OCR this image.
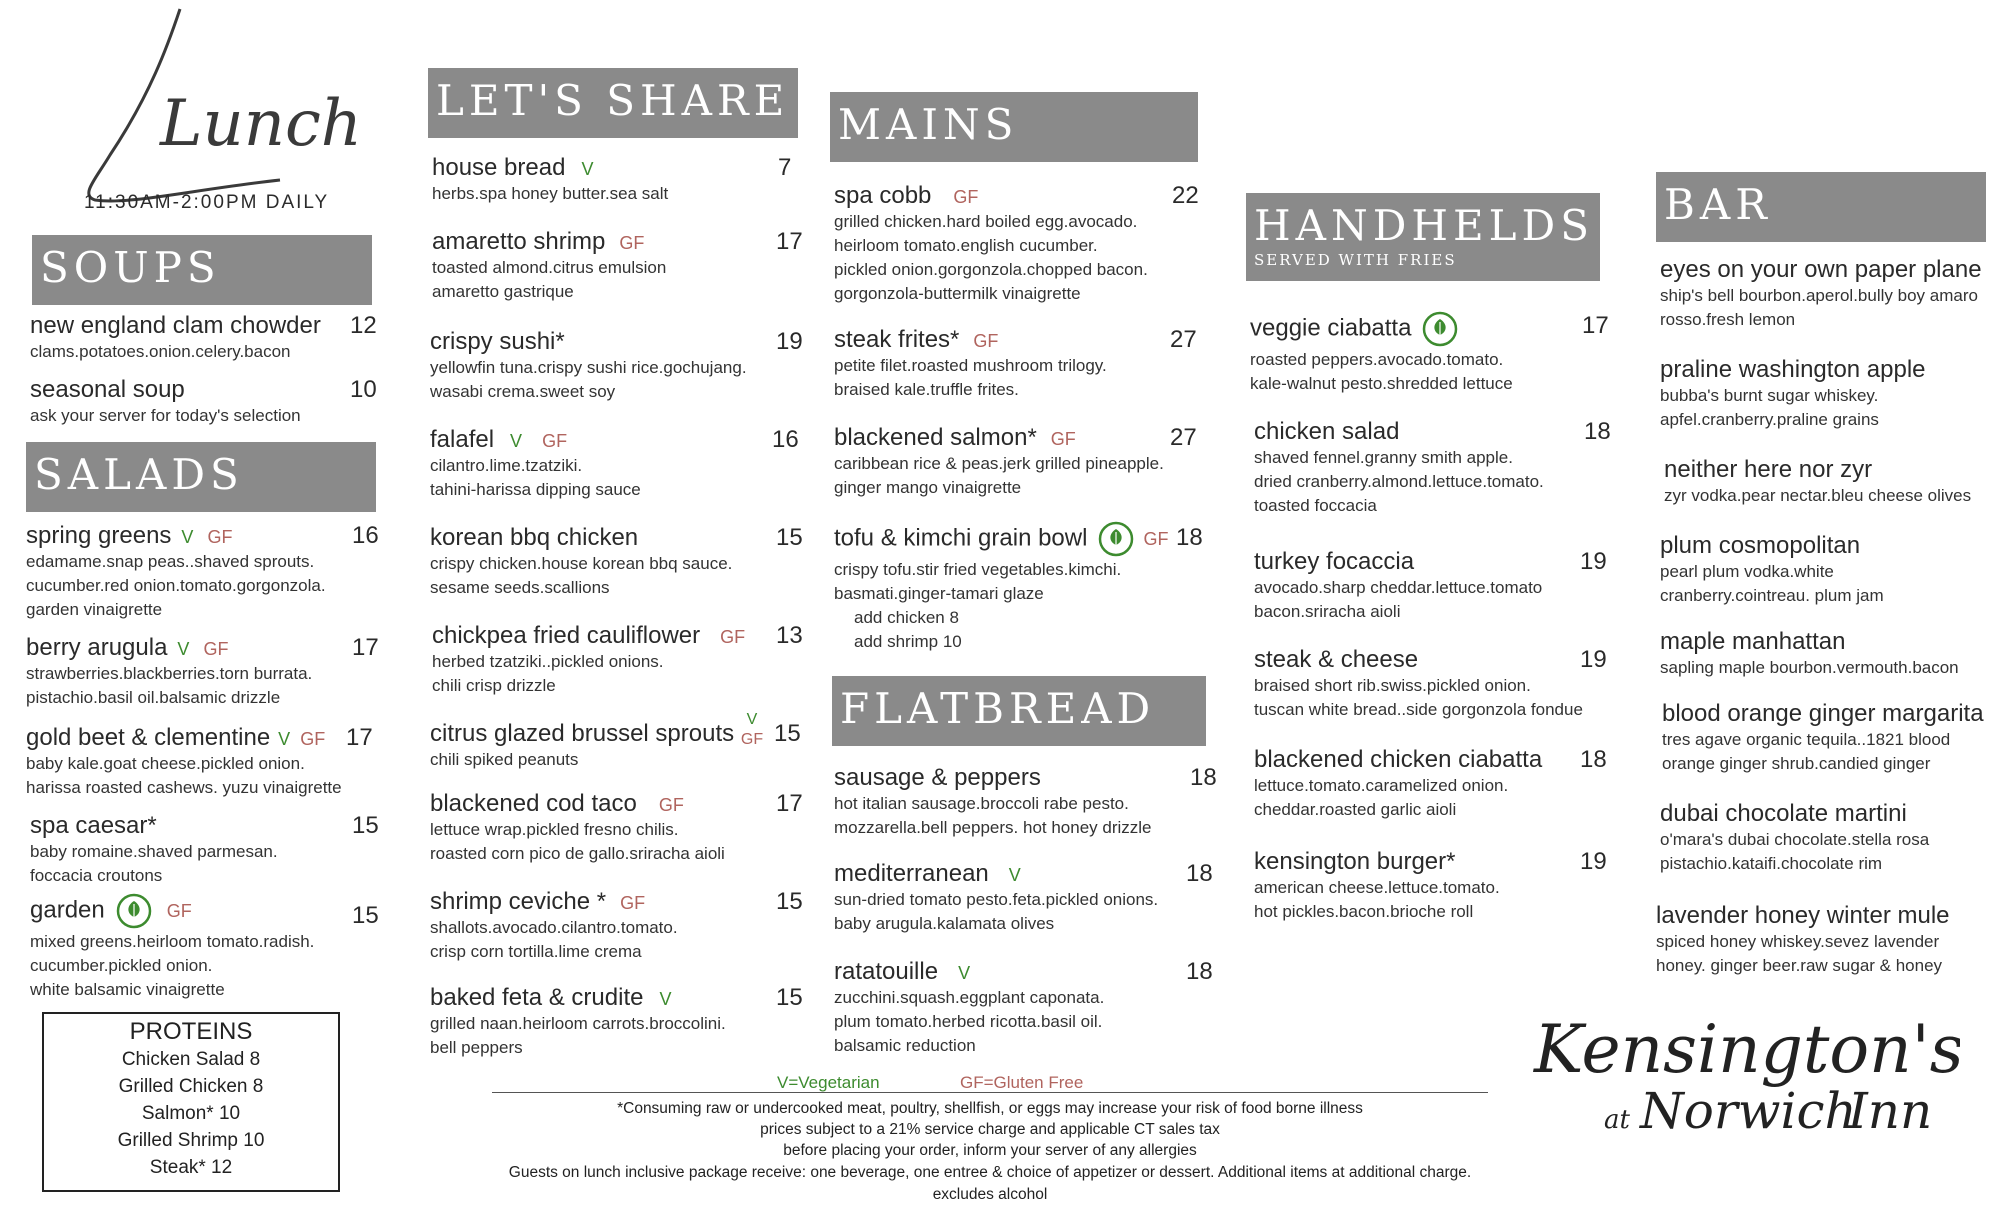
Lunch
11:30AM-2:00PM DAILY
SOUPS
SALADS
LET'S SHARE MAINS
FLATBREAD
HANDHELDS
SERVED WITH FRIES
BAR
new england clam chowder
clams.potatoes.onion.celery.bacon
12
seasonal soup
ask your server for today's selection
10
spring greens V GF
edamame.snap peas..shaved sprouts.
cucumber.red onion.tomato.gorgonzola.
garden vinaigrette
16
berry arugula V GF
strawberries.blackberries.torn burrata.
pistachio.basil oil.balsamic drizzle
17
gold beet & clementine V GF
baby kale.goat cheese.pickled onion.
harissa roasted cashews. yuzu vinaigrette
17
spa caesar*
baby romaine.shaved parmesan.
foccacia croutons
15
garden	GF
mixed greens.heirloom tomato.radish.
cucumber.pickled onion.
white balsamic vinaigrette
15
PROTEINS
Chicken Salad 8
Grilled Chicken 8
Salmon* 10
Grilled Shrimp 10
Steak* 12
house bread V
herbs.spa honey butter.sea salt
7
amaretto shrimp GF
toasted almond.citrus emulsion
amaretto gastrique
17
crispy sushi*
yellowfin tuna.crispy sushi rice.gochujang.
wasabi crema.sweet soy
19
falafel V GF
cilantro.lime.tzatziki.
tahini-harissa dipping sauce
16
korean bbq chicken
crispy chicken.house korean bbq sauce.
sesame seeds.scallions
15
chickpea fried cauliflower GF
herbed tzatziki..pickled onions.
chili crisp drizzle
13
citrus glazed brussel sprouts
chili spiked peanuts
V
GF 15
blackened cod taco GF
lettuce wrap.pickled fresno chilis.
roasted corn pico de gallo.sriracha aioli
17
shrimp ceviche * GF
shallots.avocado.cilantro.tomato.
crisp corn tortilla.lime crema
15
baked feta & crudite V
grilled naan.heirloom carrots.broccolini.
bell peppers
15
spa cobb GF
grilled chicken.hard boiled egg.avocado.
heirloom tomato.english cucumber.
pickled onion.gorgonzola.chopped bacon.
gorgonzola-buttermilk vinaigrette
22
steak frites* GF
petite filet.roasted mushroom trilogy.
braised kale.truffle frites.
27
blackened salmon* GF
caribbean rice & peas.jerk grilled pineapple.
ginger mango vinaigrette
27
tofu & kimchi grain bowl	GF
crispy tofu.stir fried vegetables.kimchi.
basmati.ginger-tamari glaze
add chicken 8
add shrimp 10
18
sausage & peppers
hot italian sausage.broccoli rabe pesto.
mozzarella.bell peppers. hot honey drizzle
18
mediterranean V
sun-dried tomato pesto.feta.pickled onions.
baby arugula.kalamata olives
18
ratatouille V
zucchini.squash.eggplant caponata.
plum tomato.herbed ricotta.basil oil.
balsamic reduction
18
veggie ciabatta
roasted peppers.avocado.tomato.
kale-walnut pesto.shredded lettuce
17
chicken salad
shaved fennel.granny smith apple.
dried cranberry.almond.lettuce.tomato.
toasted foccacia
18
turkey focaccia
avocado.sharp cheddar.lettuce.tomato
bacon.sriracha aioli
19
steak & cheese
braised short rib.swiss.pickled onion.
tuscan white bread..side gorgonzola fondue
19
blackened chicken ciabatta
lettuce.tomato.caramelized onion.
cheddar.roasted garlic aioli
18
kensington burger*
american cheese.lettuce.tomato.
hot pickles.bacon.brioche roll
19
eyes on your own paper plane
ship's bell bourbon.aperol.bully boy amaro
rosso.fresh lemon
praline washington apple
bubba's burnt sugar whiskey.
apfel.cranberry.praline grains
neither here nor zyr
zyr vodka.pear nectar.bleu cheese olives
plum cosmopolitan
pearl plum vodka.white
cranberry.cointreau. plum jam
maple manhattan
sapling maple bourbon.vermouth.bacon
blood orange ginger margarita
tres agave organic tequila..1821 blood
orange ginger shrub.candied ginger
dubai chocolate martini
o'mara's dubai chocolate.stella rosa
pistachio.kataifi.chocolate rim
lavender honey winter mule
spiced honey whiskey.sevez lavender
honey. ginger beer.raw sugar & honey
Kensington's
at Norwich
Inn
V=Vegetarian	GF=Gluten Free
*Consuming raw or undercooked meat, poultry, shellfish, or eggs may increase your risk of food borne illness
prices subject to a 21% service charge and applicable CT sales tax
before placing your order, inform your server of any allergies
Guests on lunch inclusive package receive: one beverage, one entree & choice of appetizer or dessert. Additional items at additional charge.
excludes alcohol
